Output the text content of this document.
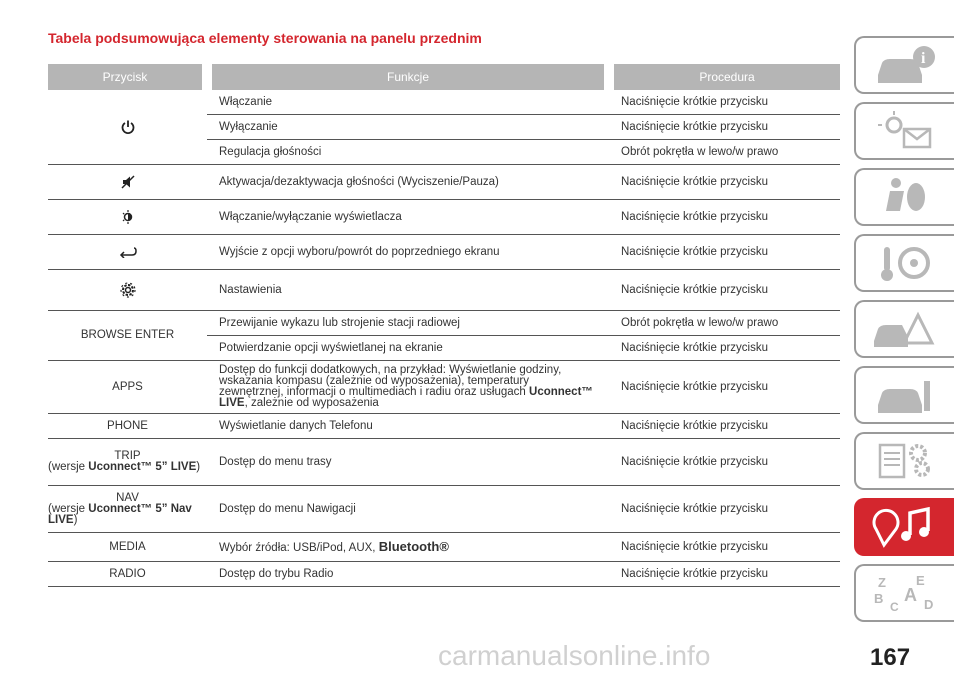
Tabela podsumowująca elementy sterowania na panelu przednim
Przycisk	Funkcje	Procedura
	Włączanie	Naciśnięcie krótkie przycisku
	Wyłączanie	Naciśnięcie krótkie przycisku
	Regulacja głośności	Obrót pokrętła w lewo/w prawo
	Aktywacja/dezaktywacja głośności (Wyciszenie/Pauza)	Naciśnięcie krótkie przycisku
	Włączanie/wyłączanie wyświetlacza	Naciśnięcie krótkie przycisku
	Wyjście z opcji wyboru/powrót do poprzedniego ekranu	Naciśnięcie krótkie przycisku
	Nastawienia	Naciśnięcie krótkie przycisku
BROWSE ENTER	Przewijanie wykazu lub strojenie stacji radiowej	Obrót pokrętła w lewo/w prawo
	Potwierdzanie opcji wyświetlanej na ekranie	Naciśnięcie krótkie przycisku
APPS	Dostęp do funkcji dodatkowych, na przykład: Wyświetlanie godziny, wskazania kompasu (zależnie od wyposażenia), temperatury zewnętrznej, informacji o multimediach i radiu oraz usługach Uconnect™ LIVE, zależnie od wyposażenia	Naciśnięcie krótkie przycisku
PHONE	Wyświetlanie danych Telefonu	Naciśnięcie krótkie przycisku

TRIP
(wersje Uconnect™ 5” LIVE)	Dostęp do menu trasy	Naciśnięcie krótkie przycisku

NAV
(wersje Uconnect™ 5” Nav LIVE)	Dostęp do menu Nawigacji	Naciśnięcie krótkie przycisku
MEDIA	Wybór źródła: USB/iPod, AUX, Bluetooth®	Naciśnięcie krótkie przycisku
RADIO	Dostęp do trybu Radio	Naciśnięcie krótkie przycisku
i
Z E
B A
C D
167
carmanualsonline.info
